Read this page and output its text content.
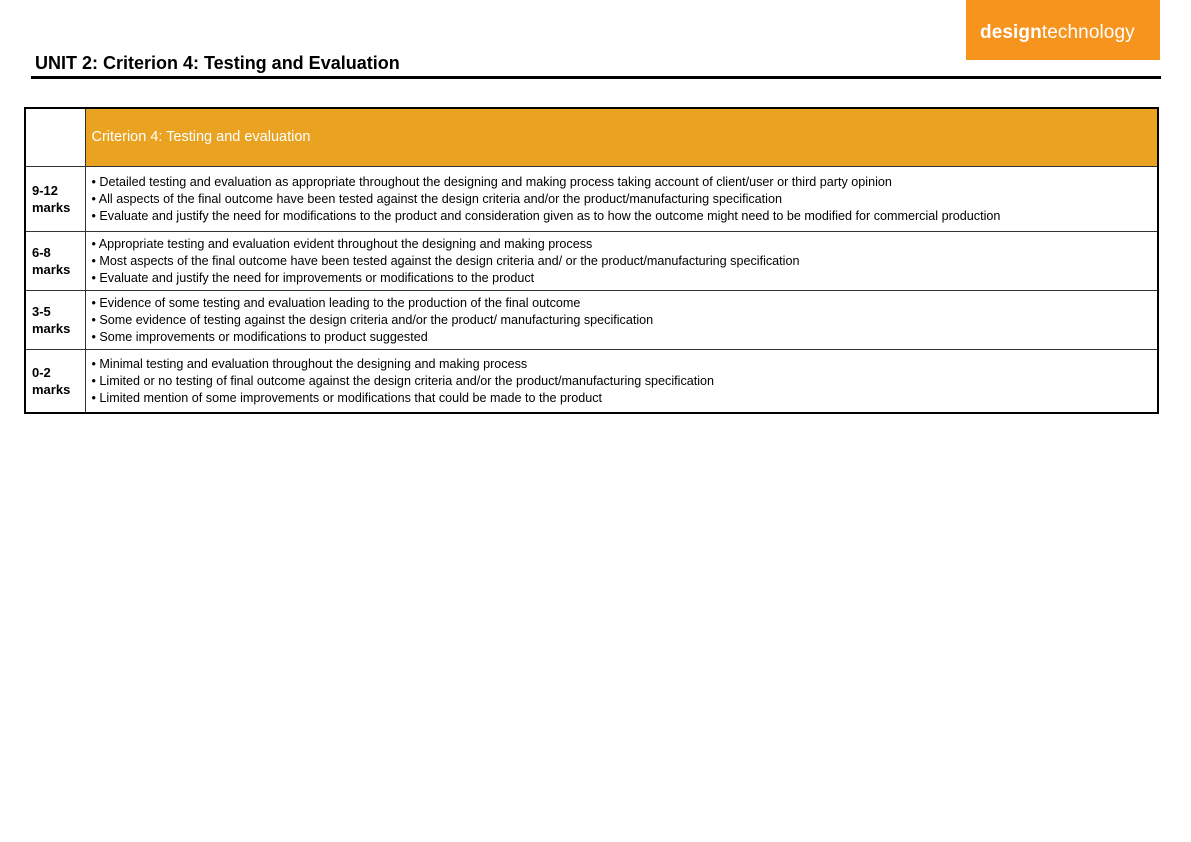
designtechnology
UNIT 2: Criterion 4: Testing and Evaluation
	Criterion 4: Testing and evaluation

9-12
marks	• Detailed testing and evaluation as appropriate throughout the designing and making process taking account of client/user or third party opinion
• All aspects of the final outcome have been tested against the design criteria and/or the product/manufacturing specification
• Evaluate and justify the need for modifications to the product and consideration given as to how the outcome might need to be modified for commercial production

6-8
marks	• Appropriate testing and evaluation evident throughout the designing and making process
• Most aspects of the final outcome have been tested against the design criteria and/ or the product/manufacturing specification
• Evaluate and justify the need for improvements or modifications to the product

3-5
marks	• Evidence of some testing and evaluation leading to the production of the final outcome
• Some evidence of testing against the design criteria and/or the product/ manufacturing specification
• Some improvements or modifications to product suggested

0-2
marks	• Minimal testing and evaluation throughout the designing and making process
• Limited or no testing of final outcome against the design criteria and/or the product/manufacturing specification
• Limited mention of some improvements or modifications that could be made to the product
